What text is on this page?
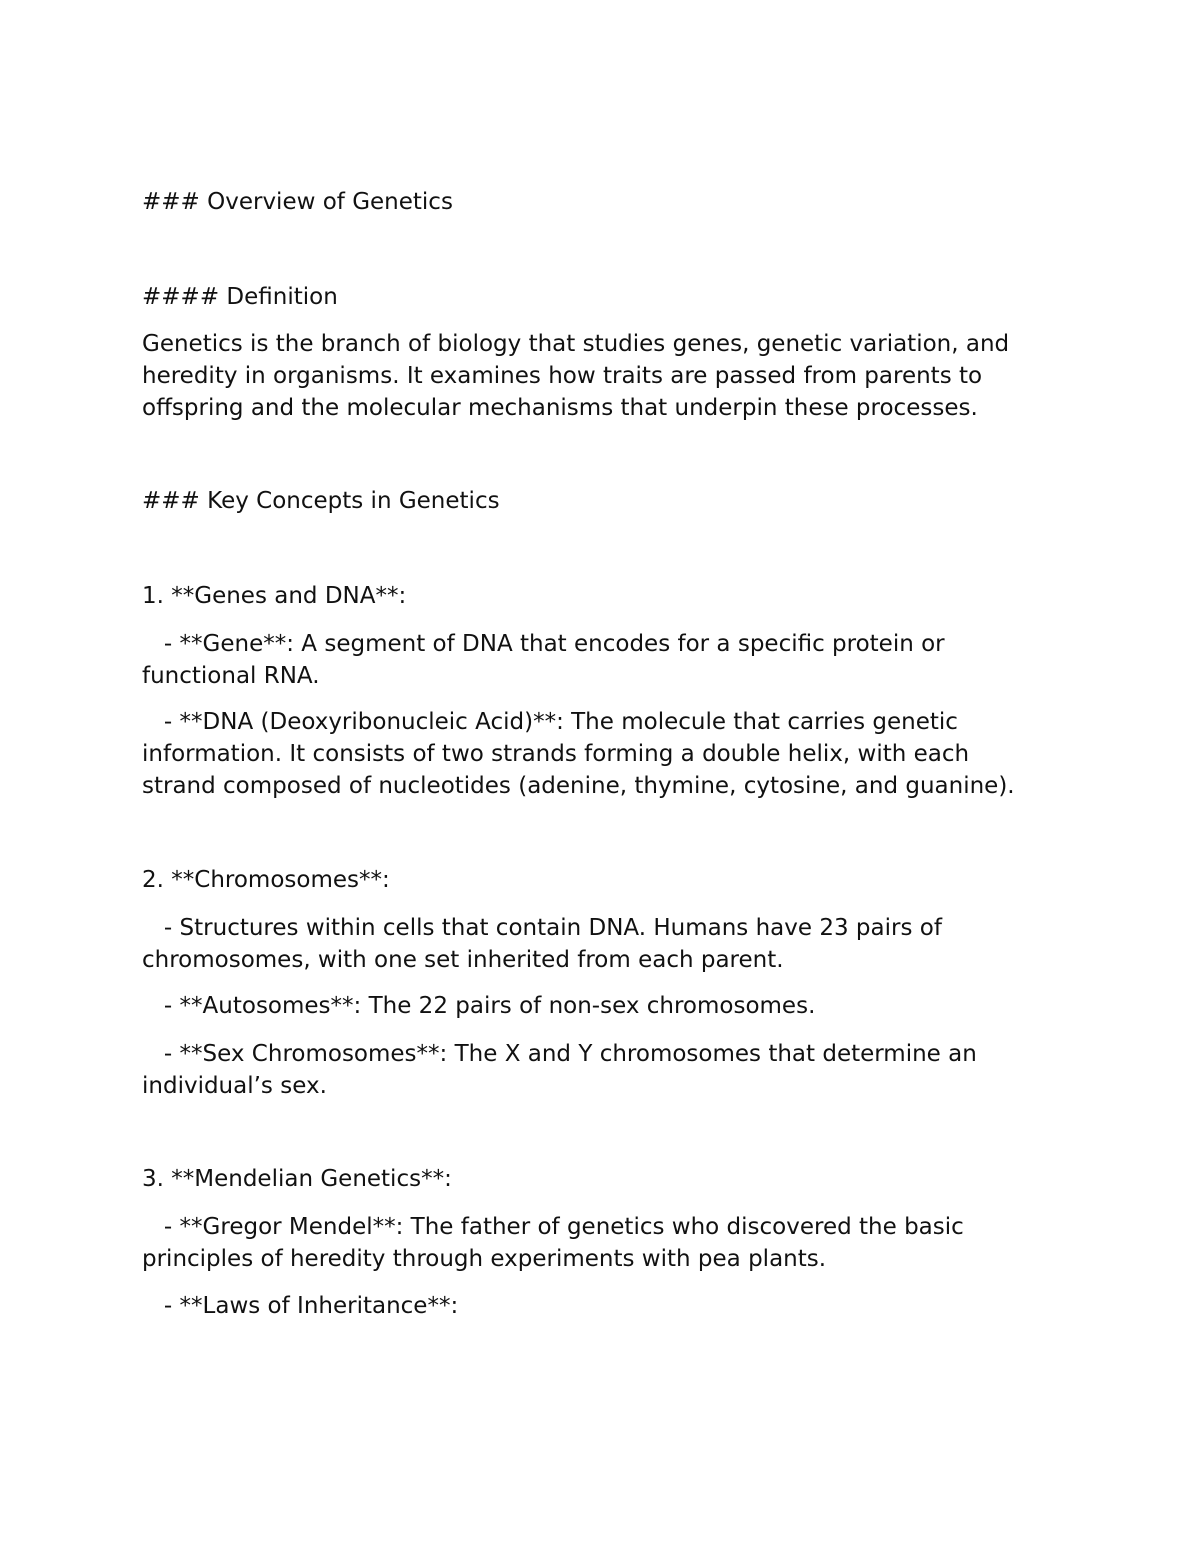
### Overview of Genetics

#### Definition

Genetics is the branch of biology that studies genes, genetic variation, and

heredity in organisms. It examines how traits are passed from parents to

offspring and the molecular mechanisms that underpin these processes.

### Key Concepts in Genetics

1. **Genes and DNA**:

- **Gene**: A segment of DNA that encodes for a specific protein or

functional RNA.

- **DNA (Deoxyribonucleic Acid)**: The molecule that carries genetic

information. It consists of two strands forming a double helix, with each

strand composed of nucleotides (adenine, thymine, cytosine, and guanine).

2. **Chromosomes**:

- Structures within cells that contain DNA. Humans have 23 pairs of

chromosomes, with one set inherited from each parent.

- **Autosomes**: The 22 pairs of non-sex chromosomes.

- **Sex Chromosomes**: The X and Y chromosomes that determine an

individual’s sex.

3. **Mendelian Genetics**:

- **Gregor Mendel**: The father of genetics who discovered the basic

principles of heredity through experiments with pea plants.

- **Laws of Inheritance**:
